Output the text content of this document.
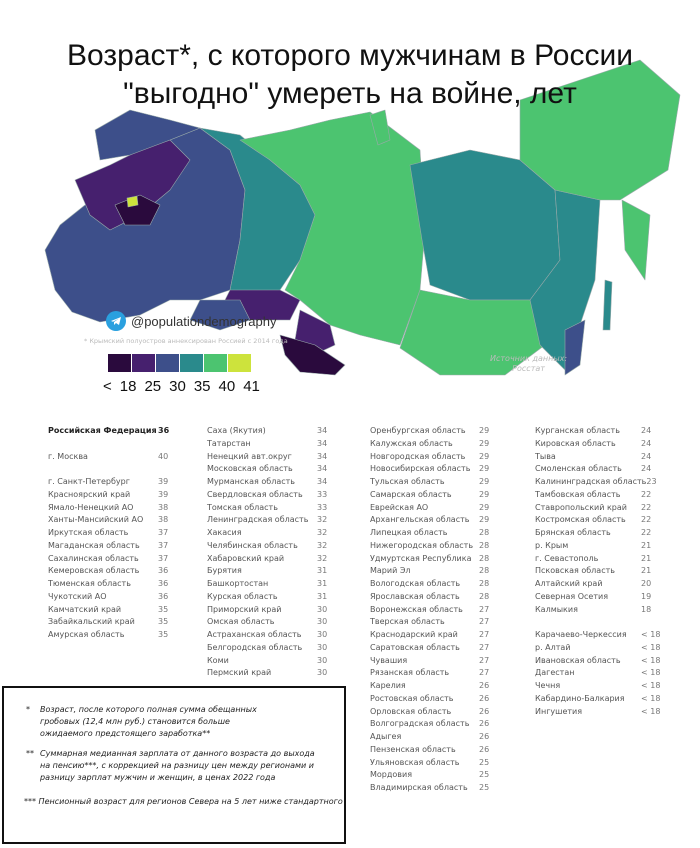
Возраст*, с которого мужчинам в России
"выгодно" умереть на войне, лет
@populationdemography
* Крымский полуостров аннексирован Россией с 2014 года
< 18 25 30 35 40 41
Источник данных:
Росстат
Российская Федерация 36
г. Москва	40
г. Санкт-Петербург	39
Красноярский край	39
Ямало-Ненецкий АО	38
Ханты-Мансийский АО	38
Иркутская область	37
Магаданская область	37
Сахалинская область	37
Кемеровская область	36
Тюменская область	36
Чукотский АО	36
Камчатский край	35
Забайкальский край	35
Амурская область	35
Саха (Якутия)	34
Татарстан	34
Ненецкий авт.округ	34
Московская область	34
Мурманская область	34
Свердловская область	33
Томская область	33
Ленинградская область	32
Хакасия	32
Челябинская область	32
Хабаровский край	32
Бурятия	31
Башкортостан	31
Курская область	31
Приморский край	30
Омская область	30
Астраханская область	30
Белгородская область	30
Коми	30
Пермский край	30
Оренбургская область	29
Калужская область	29
Новгородская область	29
Новосибирская область	29
Тульская область	29
Самарская область	29
Еврейская АО	29
Архангельская область	29
Липецкая область	28
Нижегородская область 28
Удмуртская Республика 28
Марий Эл	28
Вологодская область	28
Ярославская область	28
Воронежская область	27
Тверская область	27
Краснодарский край	27
Саратовская область	27
Чувашия	27
Рязанская область	27
Карелия	26
Ростовская область	26
Орловская область	26
Волгоградская область	26
Адыгея	26
Пензенская область	26
Ульяновская область	25
Мордовия	25
Владимирская область	25
Курганская область	24
Кировская область	24
Тыва	24
Смоленская область	24
Калининградская область 23
Тамбовская область	22
Ставропольский край	22
Костромская область	22
Брянская область	22
р. Крым	21
г. Севастополь	21
Псковская область	21
Алтайский край	20
Северная Осетия	19
Калмыкия	18
Карачаево-Черкессия	< 18
р. Алтай	< 18
Ивановская область	< 18
Дагестан	< 18
Чечня	< 18
Кабардино-Балкария	< 18
Ингушетия	< 18
*	Возраст, после которого полная сумма обещанных
гробовых (12,4 млн руб.) становится больше
ожидаемого предстоящего заработка**
** Суммарная медианная зарплата от данного возраста до выхода
на пенсию***, с коррекцией на разницу цен между регионами и
разницу зарплат мужчин и женщин, в ценах 2022 года
*** Пенсионный возраст для регионов Севера на 5 лет ниже стандартного
